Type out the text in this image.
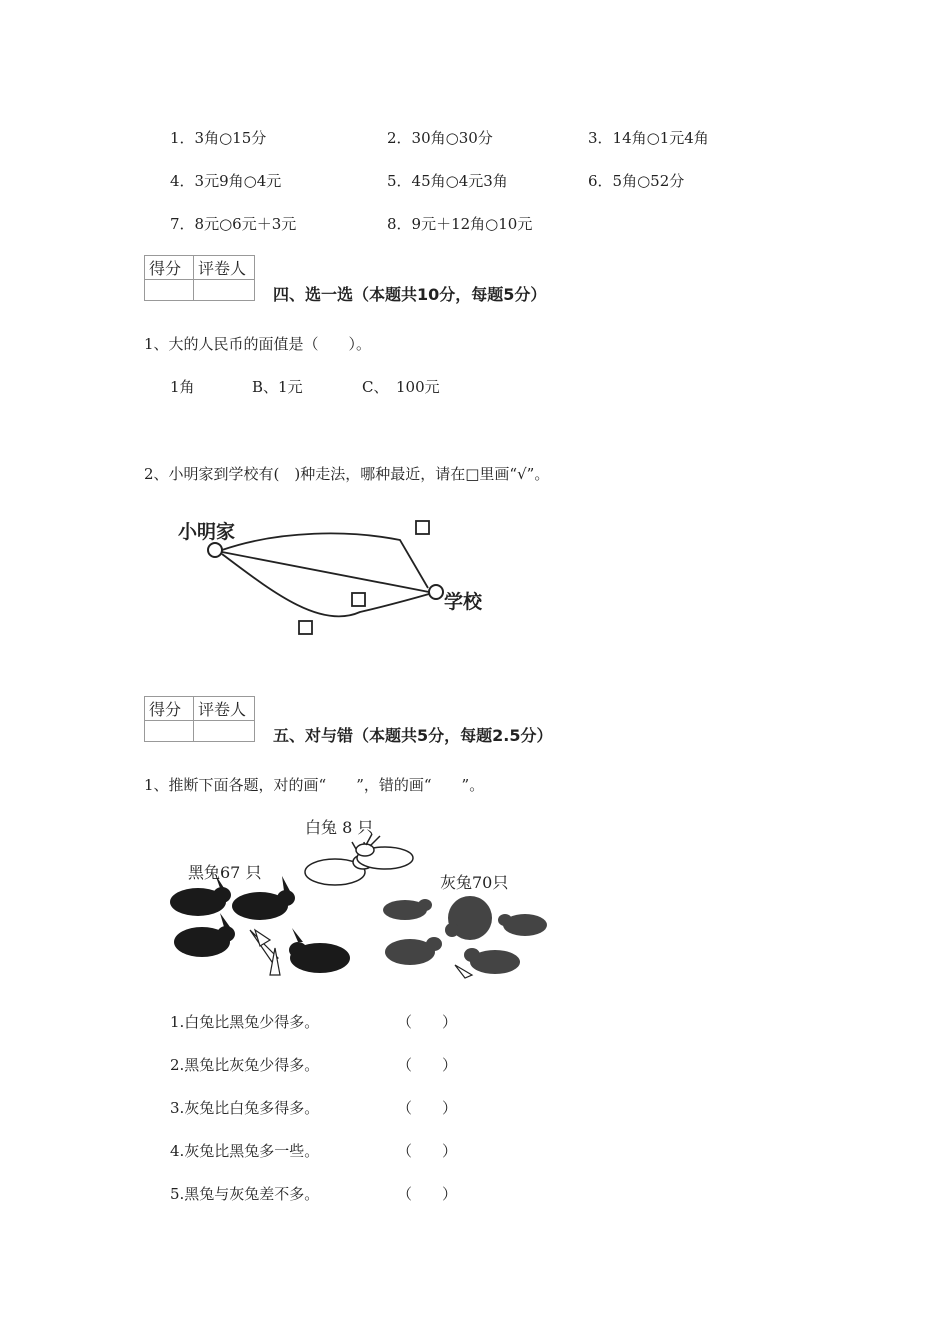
1．3角○15分	2．30角○30分	3．14角○1元4角
4．3元9角○4元	5．45角○4元3角	6．5角○52分
7．8元○6元＋3元	8．9元＋12角○10元
得分	评卷人

四、选一选（本题共10分，每题5分）
1、大的人民币的面值是（　　）。
1角	B、1元	C、　100元
2、小明家到学校有(　)种走法，哪种最近，请在□里画“√”。
小明家
学校
得分	评卷人

五、对与错（本题共5分，每题2.5分）
1、推断下面各题，对的画“　　”，错的画“　　”。
白兔 8 只
黑兔67 只
灰兔70只
1.白兔比黑兔少得多。	（　　）
2.黑兔比灰兔少得多。	（　　）
3.灰兔比白兔多得多。	（　　）
4.灰兔比黑兔多一些。	（　　）
5.黑兔与灰兔差不多。	（　　）
